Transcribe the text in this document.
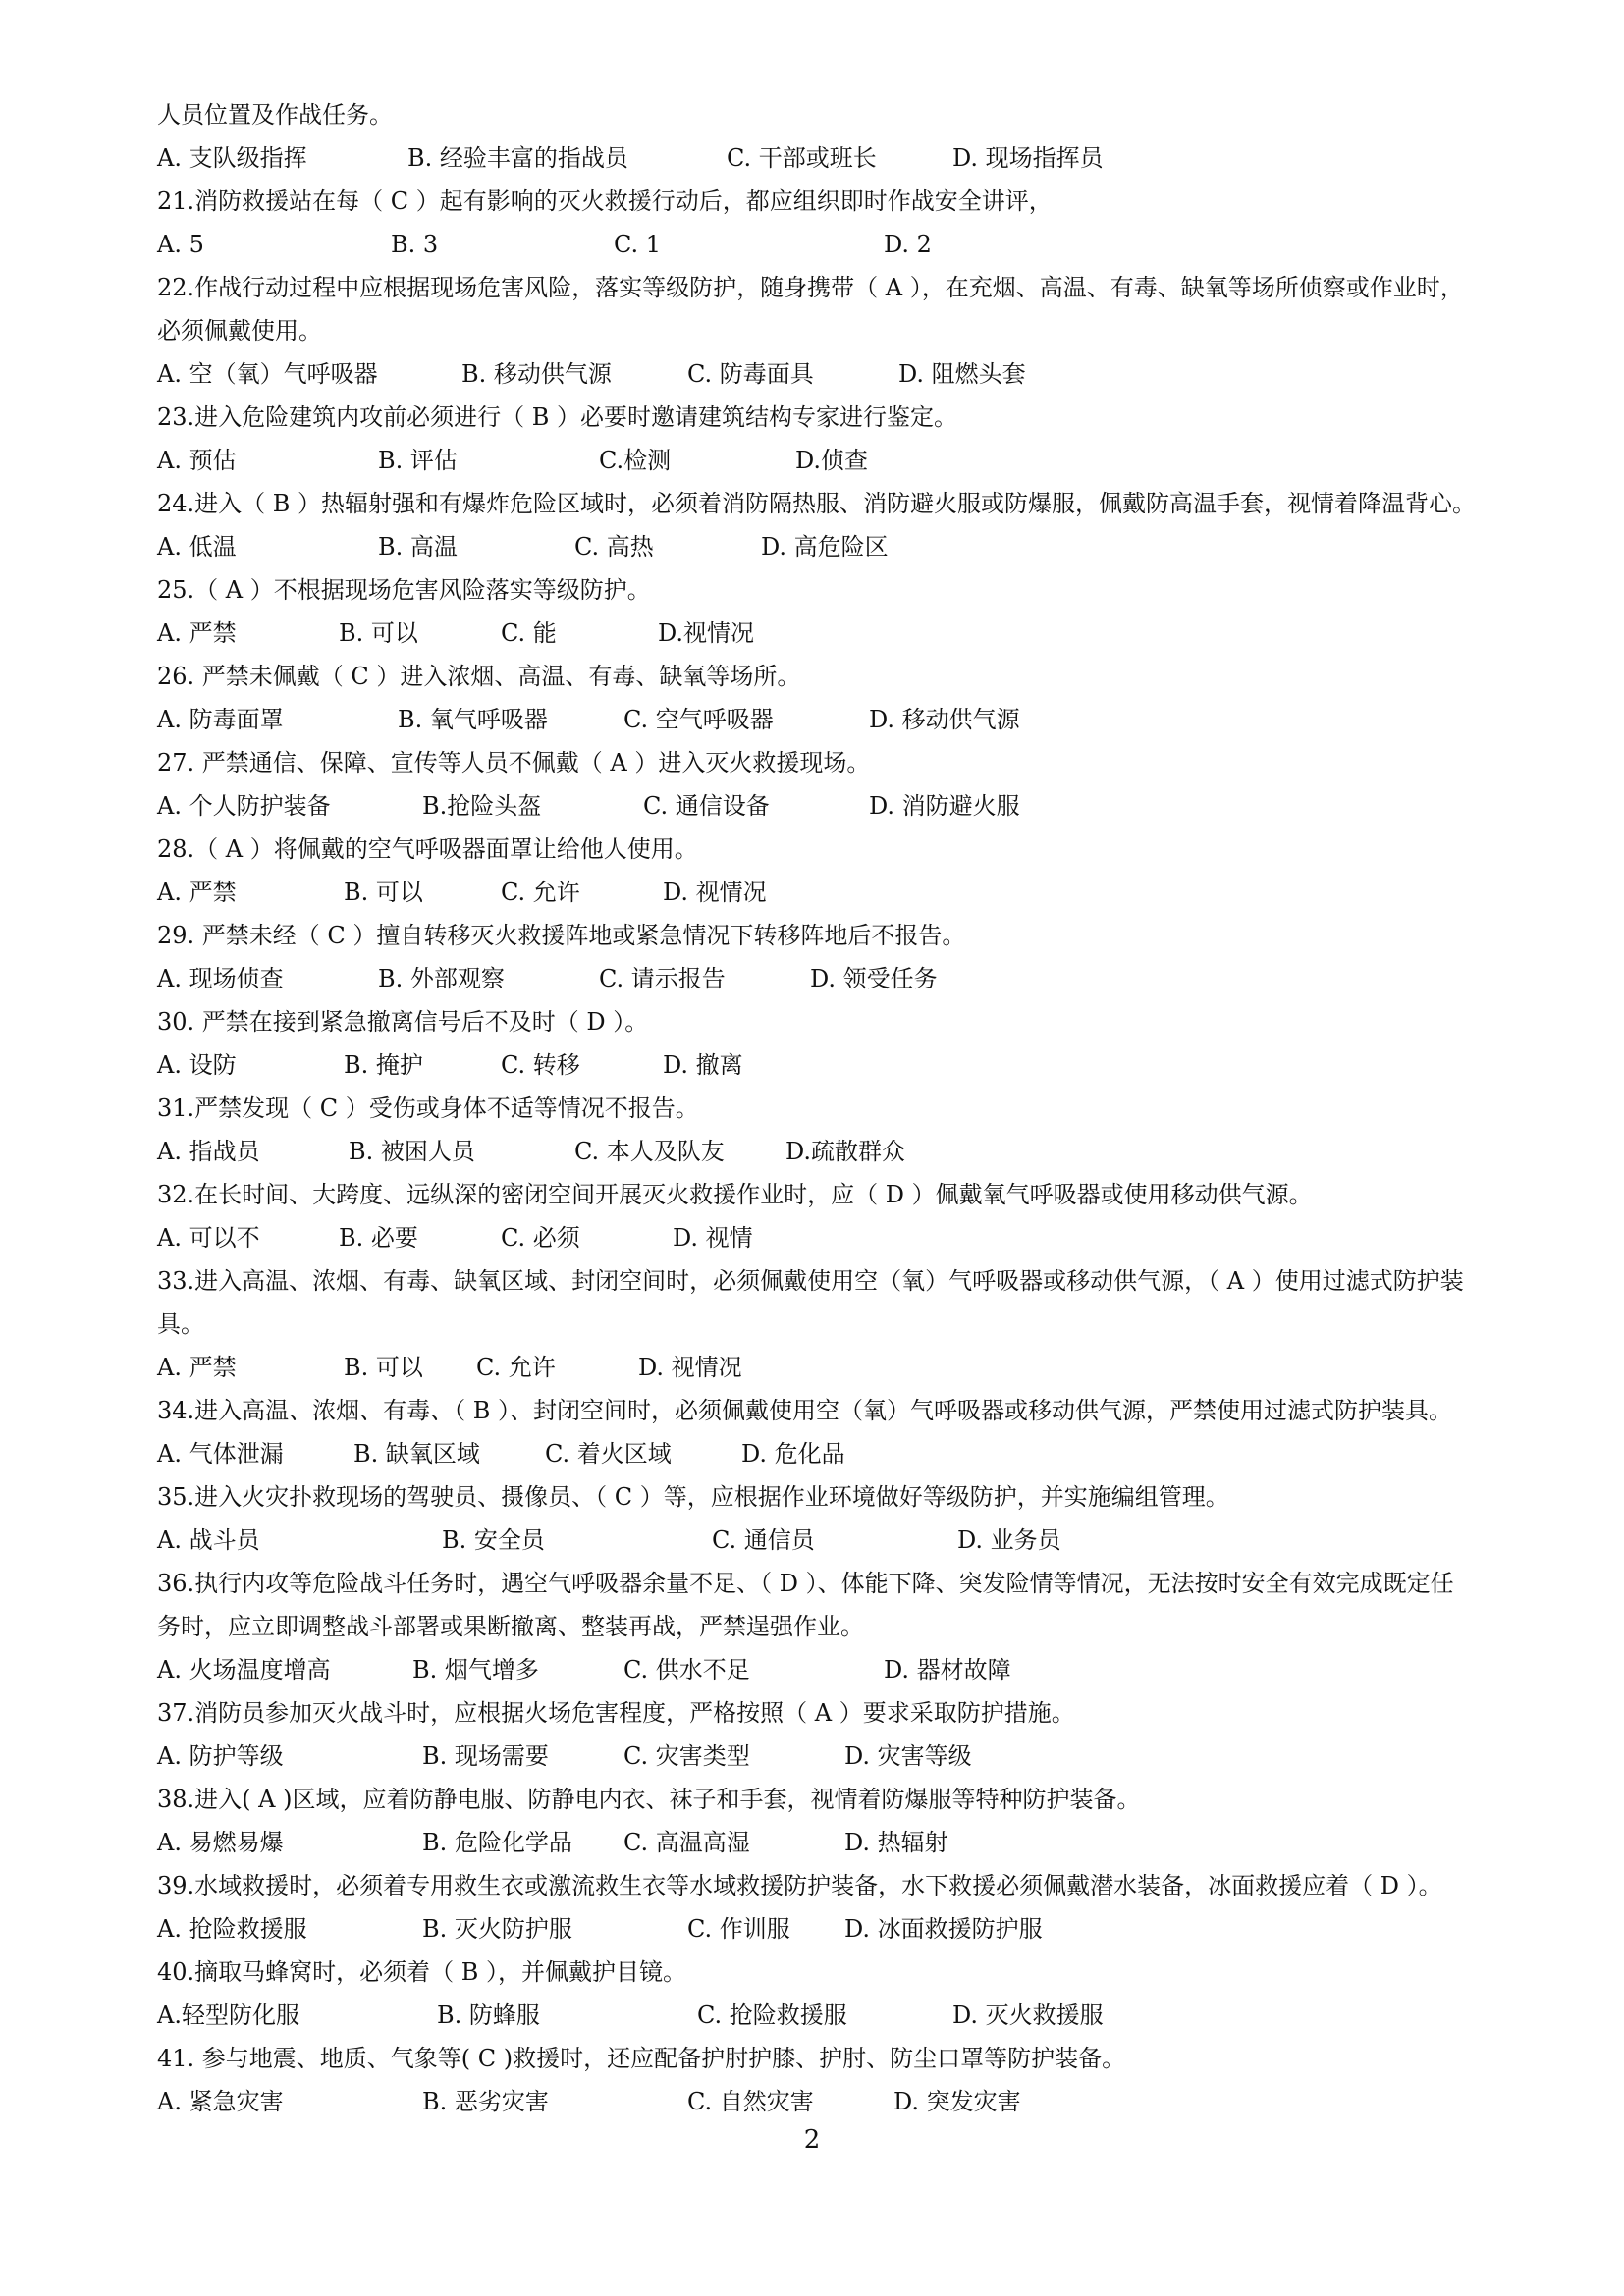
人员位置及作战任务。
A. 支队级指挥	B. 经验丰富的指战员	C. 干部或班长	D. 现场指挥员
21.消防救援站在每（ C ）起有影响的灭火救援行动后，都应组织即时作战安全讲评，
A. 5	B. 3	C. 1	D. 2
22.作战行动过程中应根据现场危害风险，落实等级防护，随身携带（ A ），在充烟、高温、有毒、缺氧等场所侦察或作业时，
必须佩戴使用。
A. 空（氧）气呼吸器	B. 移动供气源	C. 防毒面具	D. 阻燃头套
23.进入危险建筑内攻前必须进行（ B ）必要时邀请建筑结构专家进行鉴定。
A. 预估	B. 评估	C.检测	D.侦查
24.进入（ B ）热辐射强和有爆炸危险区域时，必须着消防隔热服、消防避火服或防爆服，佩戴防高温手套，视情着降温背心。
A. 低温	B. 高温	C. 高热	D. 高危险区
25.（ A ）不根据现场危害风险落实等级防护。
A. 严禁	B. 可以	C. 能	D.视情况
26. 严禁未佩戴（ C ）进入浓烟、高温、有毒、缺氧等场所。
A. 防毒面罩	B. 氧气呼吸器	C. 空气呼吸器	D. 移动供气源
27. 严禁通信、保障、宣传等人员不佩戴（ A ）进入灭火救援现场。
A. 个人防护装备	B.抢险头盔	C. 通信设备	D. 消防避火服
28.（ A ）将佩戴的空气呼吸器面罩让给他人使用。
A. 严禁	B. 可以	C. 允许	D. 视情况
29. 严禁未经（ C ）擅自转移灭火救援阵地或紧急情况下转移阵地后不报告。
A. 现场侦查	B. 外部观察	C. 请示报告	D. 领受任务
30. 严禁在接到紧急撤离信号后不及时（ D ）。
A. 设防	B. 掩护	C. 转移	D. 撤离
31.严禁发现（ C ）受伤或身体不适等情况不报告。
A. 指战员	B. 被困人员	C. 本人及队友	D.疏散群众
32.在长时间、大跨度、远纵深的密闭空间开展灭火救援作业时，应（ D ）佩戴氧气呼吸器或使用移动供气源。
A. 可以不	B. 必要	C. 必须	D. 视情
33.进入高温、浓烟、有毒、缺氧区域、封闭空间时，必须佩戴使用空（氧）气呼吸器或移动供气源，（ A ）使用过滤式防护装
具。
A. 严禁	B. 可以 C. 允许	D. 视情况
34.进入高温、浓烟、有毒、（ B ）、封闭空间时，必须佩戴使用空（氧）气呼吸器或移动供气源，严禁使用过滤式防护装具。
A. 气体泄漏	B. 缺氧区域	C. 着火区域	D. 危化品
35.进入火灾扑救现场的驾驶员、摄像员、（ C ）等，应根据作业环境做好等级防护，并实施编组管理。
A. 战斗员	B. 安全员	C. 通信员	D. 业务员
36.执行内攻等危险战斗任务时，遇空气呼吸器余量不足、（ D ）、体能下降、突发险情等情况，无法按时安全有效完成既定任
务时，应立即调整战斗部署或果断撤离、整装再战，严禁逞强作业。
A. 火场温度增高	B. 烟气增多	C. 供水不足	D. 器材故障
37.消防员参加灭火战斗时，应根据火场危害程度，严格按照（ A ）要求采取防护措施。
A. 防护等级	B. 现场需要	C. 灾害类型	D. 灾害等级
38.进入( A )区域，应着防静电服、防静电内衣、袜子和手套，视情着防爆服等特种防护装备。
A. 易燃易爆	B. 危险化学品 C. 高温高湿	D. 热辐射
39.水域救援时，必须着专用救生衣或激流救生衣等水域救援防护装备，水下救援必须佩戴潜水装备，冰面救援应着（ D ）。
A. 抢险救援服	B. 灭火防护服	C. 作训服 D. 冰面救援防护服
40.摘取马蜂窝时，必须着（ B ），并佩戴护目镜。
A.轻型防化服	B. 防蜂服	C. 抢险救援服	D. 灭火救援服
41. 参与地震、地质、气象等( C )救援时，还应配备护肘护膝、护肘、防尘口罩等防护装备。
A. 紧急灾害	B. 恶劣灾害	C. 自然灾害	D. 突发灾害
2
